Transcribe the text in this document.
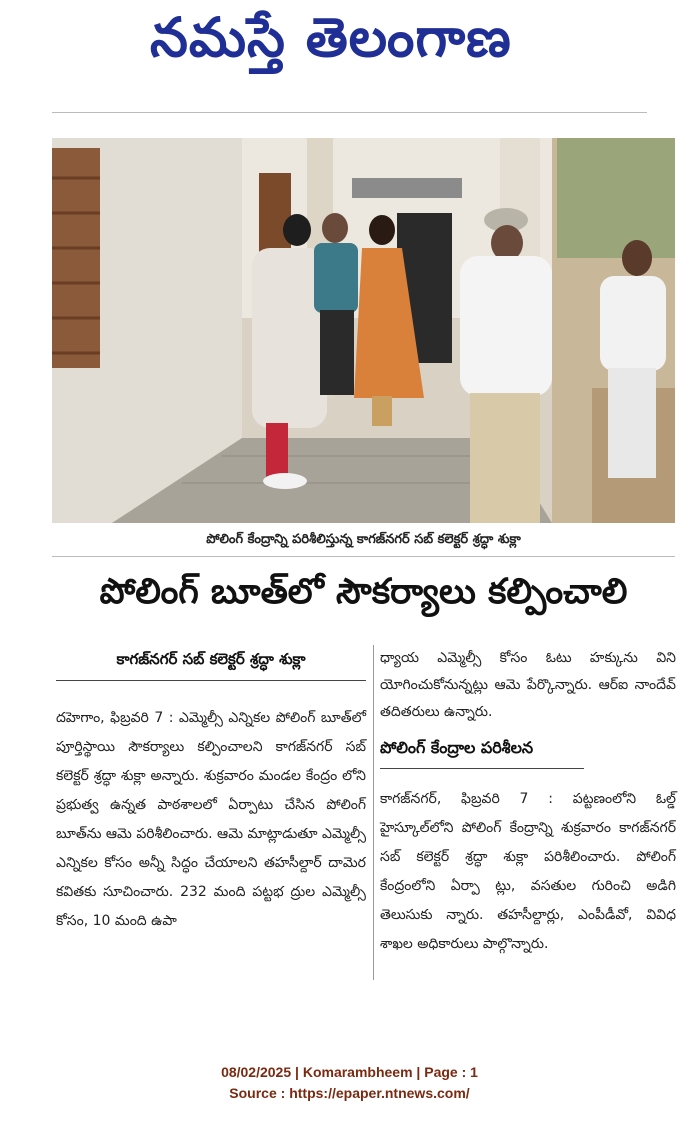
నమస్తే తెలంగాణ
పోలింగ్ కేంద్రాన్ని పరిశీలిస్తున్న కాగజ్‌నగర్ సబ్ కలెక్టర్ శ్రద్ధా శుక్లా
పోలింగ్ బూత్‌లో సౌకర్యాలు కల్పించాలి
కాగజ్‌నగర్ సబ్ కలెక్టర్ శ్రద్ధా శుక్లా
దహెగాం, ఫిబ్రవరి 7 : ఎమ్మెల్సీ ఎన్నికల పోలింగ్ బూత్‌లో పూర్తిస్థాయి సౌకర్యాలు కల్పించాలని కాగజ్‌నగర్ సబ్ కలెక్టర్ శ్రద్ధా శుక్లా అన్నారు. శుక్రవారం మండల కేంద్రం లోని ప్రభుత్వ ఉన్నత పాఠశాలలో ఏర్పాటు చేసిన పోలింగ్ బూత్‌ను ఆమె పరిశీలించారు. ఆమె మాట్లాడుతూ ఎమ్మెల్సీ ఎన్నికల కోసం అన్నీ సిద్ధం చేయాలని తహసీల్దార్ దామెర కవితకు సూచించారు. 232 మంది పట్టభ ద్రుల ఎమ్మెల్సీ కోసం, 10 మంది ఉపా
ధ్యాయ ఎమ్మెల్సీ కోసం ఓటు హక్కును విని యోగించుకోనున్నట్లు ఆమె పేర్కొన్నారు. ఆర్‌ఐ నాందేవ్ తదితరులు ఉన్నారు.
పోలింగ్ కేంద్రాల పరిశీలన
కాగజ్‌నగర్, ఫిబ్రవరి 7 : పట్టణంలోని ఓల్డ్ హైస్కూల్‌లోని పోలింగ్ కేంద్రాన్ని శుక్రవారం కాగజ్‌నగర్ సబ్ కలెక్టర్ శ్రద్ధా శుక్లా పరిశీలించారు. పోలింగ్ కేంద్రంలోని ఏర్పా ట్లు, వసతుల గురించి అడిగి తెలుసుకు న్నారు. తహసీల్దార్లు, ఎంపీడీవో, వివిధ శాఖల అధికారులు పాల్గొన్నారు.
08/02/2025 | Komarambheem | Page : 1
Source : https://epaper.ntnews.com/
